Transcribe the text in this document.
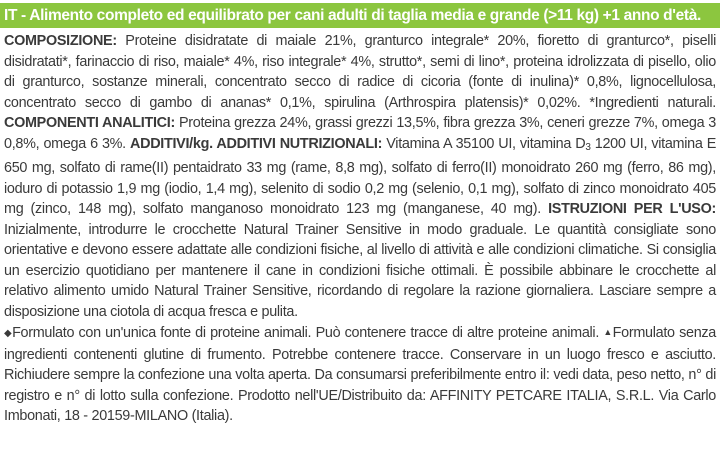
IT - Alimento completo ed equilibrato per cani adulti di taglia media e grande (>11 kg) +1 anno d'età.
COMPOSIZIONE: Proteine disidratate di maiale 21%, granturco integrale* 20%, fioretto di granturco*, piselli disidratati*, farinaccio di riso, maiale* 4%, riso integrale* 4%, strutto*, semi di lino*, proteina idrolizzata di pisello, olio di granturco, sostanze minerali, concentrato secco di radice di cicoria (fonte di inulina)* 0,8%, lignocellulosa, concentrato secco di gambo di ananas* 0,1%, spirulina (Arthrospira platensis)* 0,02%. *Ingredienti naturali. COMPONENTI ANALITICI: Proteina grezza 24%, grassi grezzi 13,5%, fibra grezza 3%, ceneri grezze 7%, omega 3 0,8%, omega 6 3%. ADDITIVI/kg. ADDITIVI NUTRIZIONALI: Vitamina A 35100 UI, vitamina $D_3$ 1200 UI, vitamina E 650 mg, solfato di rame(II) pentaidrato 33 mg (rame, 8,8 mg), solfato di ferro(II) monoidrato 260 mg (ferro, 86 mg), ioduro di potassio 1,9 mg (iodio, 1,4 mg), selenito di sodio 0,2 mg (selenio, 0,1 mg), solfato di zinco monoidrato 405 mg (zinco, 148 mg), solfato manganoso monoidrato 123 mg (manganese, 40 mg). ISTRUZIONI PER L'USO: Inizialmente, introdurre le crocchette Natural Trainer Sensitive in modo graduale. Le quantità consigliate sono orientative e devono essere adattate alle condizioni fisiche, al livello di attività e alle condizioni climatiche. Si consiglia un esercizio quotidiano per mantenere il cane in condizioni fisiche ottimali. È possibile abbinare le crocchette al relativo alimento umido Natural Trainer Sensitive, ricordando di regolare la razione giornaliera. Lasciare sempre a disposizione una ciotola di acqua fresca e pulita.
◆Formulato con un'unica fonte di proteine animali. Può contenere tracce di altre proteine animali. ▲Formulato senza ingredienti contenenti glutine di frumento. Potrebbe contenere tracce. Conservare in un luogo fresco e asciutto. Richiudere sempre la confezione una volta aperta. Da consumarsi preferibilmente entro il: vedi data, peso netto, n° di registro e n° di lotto sulla confezione. Prodotto nell'UE/Distribuito da: AFFINITY PETCARE ITALIA, S.R.L. Via Carlo Imbonati, 18 - 20159-MILANO (Italia).
